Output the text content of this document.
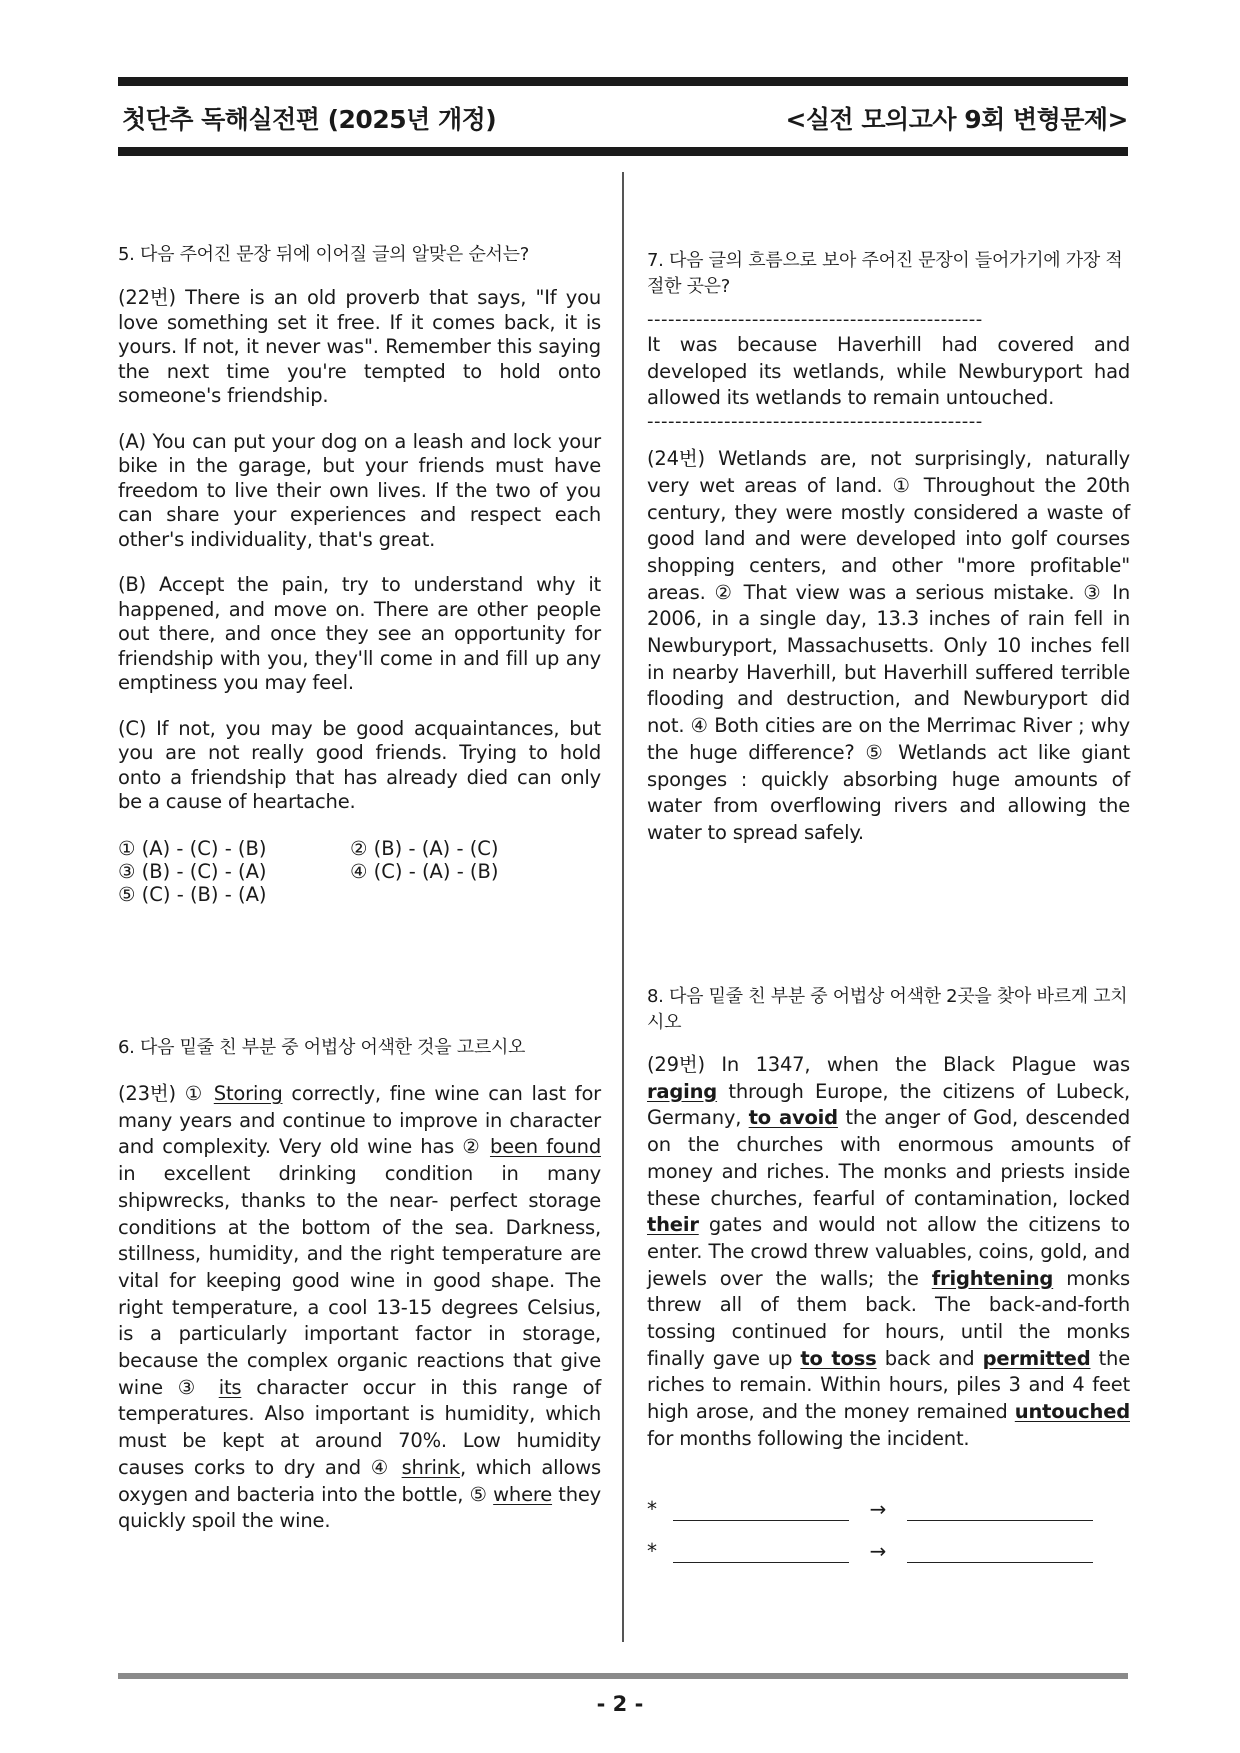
첫단추 독해실전편 (2025년 개정)	<실전 모의고사 9회 변형문제>

5. 다음 주어진 문장 뒤에 이어질 글의 알맞은 순서는?

(22번) There is an old proverb that says, "If you love something set it free. If it comes back, it is yours. If not, it never was". Remember this saying the next time you're tempted to hold onto someone's friendship.

(A) You can put your dog on a leash and lock your bike in the garage, but your friends must have freedom to live their own lives. If the two of you can share your experiences and respect each other's individuality, that's great.

(B) Accept the pain, try to understand why it happened, and move on. There are other people out there, and once they see an opportunity for friendship with you, they'll come in and fill up any emptiness you may feel.

(C) If not, you may be good acquaintances, but you are not really good friends. Trying to hold onto a friendship that has already died can only be a cause of heartache.

① (A) - (C) - (B)	② (B) - (A) - (C)
③ (B) - (C) - (A)	④ (C) - (A) - (B)
⑤ (C) - (B) - (A)

6. 다음 밑줄 친 부분 중 어법상 어색한 것을 고르시오

(23번) ① Storing correctly, fine wine can last for many years and continue to improve in character and complexity. Very old wine has ② been found in excellent drinking condition in many shipwrecks, thanks to the near- perfect storage conditions at the bottom of the sea. Darkness, stillness, humidity, and the right temperature are vital for keeping good wine in good shape. The right temperature, a cool 13-15 degrees Celsius, is a particularly important factor in storage, because the complex organic reactions that give wine ③ its character occur in this range of temperatures. Also important is humidity, which must be kept at around 70%. Low humidity causes corks to dry and ④ shrink, which allows oxygen and bacteria into the bottle, ⑤ where they quickly spoil the wine.

7. 다음 글의 흐름으로 보아 주어진 문장이 들어가기에 가장 적절한 곳은?

------------------------------------------------

It was because Haverhill had covered and developed its wetlands, while Newburyport had allowed its wetlands to remain untouched.

------------------------------------------------

(24번) Wetlands are, not surprisingly, naturally very wet areas of land. ① Throughout the 20th century, they were mostly considered a waste of good land and were developed into golf courses shopping centers, and other "more profitable" areas. ② That view was a serious mistake. ③ In 2006, in a single day, 13.3 inches of rain fell in Newburyport, Massachusetts. Only 10 inches fell in nearby Haverhill, but Haverhill suffered terrible flooding and destruction, and Newburyport did not. ④ Both cities are on the Merrimac River ; why the huge difference? ⑤ Wetlands act like giant sponges : quickly absorbing huge amounts of water from overflowing rivers and allowing the water to spread safely.

8. 다음 밑줄 친 부분 중 어법상 어색한 2곳을 찾아 바르게 고치시오

(29번) In 1347, when the Black Plague was raging through Europe, the citizens of Lubeck, Germany, to avoid the anger of God, descended on the churches with enormous amounts of money and riches. The monks and priests inside these churches, fearful of contamination, locked their gates and would not allow the citizens to enter. The crowd threw valuables, coins, gold, and jewels over the walls; the frightening monks threw all of them back. The back-and-forth tossing continued for hours, until the monks finally gave up to toss back and permitted the riches to remain. Within hours, piles 3 and 4 feet high arose, and the money remained untouched for months following the incident.

*	→
*	→
- 2 -
